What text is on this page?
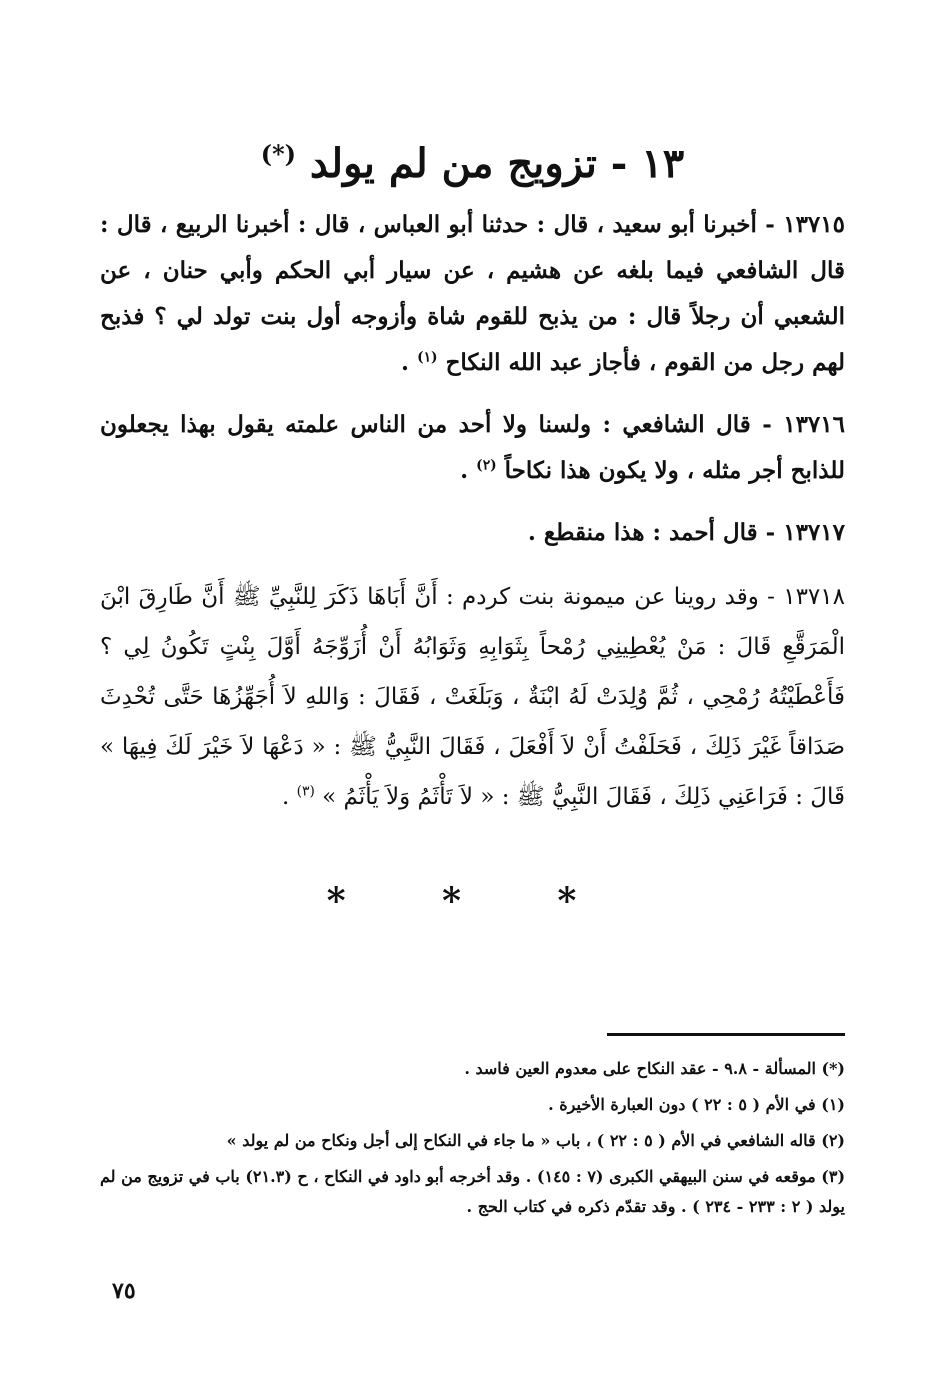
١٣ - تزويج من لم يولد (*)

١٣٧١٥ - أخبرنا أبو سعيد ، قال : حدثنا أبو العباس ، قال : أخبرنا الربيع ، قال : قال الشافعي فيما بلغه عن هشيم ، عن سيار أبي الحكم وأبي حنان ، عن الشعبي أن رجلاً قال : من يذبح للقوم شاة وأزوجه أول بنت تولد لي ؟ فذبح لهم رجل من القوم ، فأجاز عبد الله النكاح $^{(١)}$ .

١٣٧١٦ - قال الشافعي : ولسنا ولا أحد من الناس علمته يقول بهذا يجعلون للذابح أجر مثله ، ولا يكون هذا نكاحاً $^{(٢)}$ .

١٣٧١٧ - قال أحمد : هذا منقطع .

١٣٧١٨ - وقد روينا عن ميمونة بنت كردم : أَنَّ أَبَاهَا ذَكَرَ لِلنَّبِيِّ ﷺ أَنَّ طَارِقَ ابْنَ الْمَرَقَّعِ قَالَ : مَنْ يُعْطِينِي رُمْحاً بِثَوَابِهِ وَثَوَابُهُ أَنْ أُزَوِّجَهُ أَوَّلَ بِنْتٍ تَكُونُ لِي ؟ فَأَعْطَيْتُهُ رُمْحِي ، ثُمَّ وُلِدَتْ لَهُ ابْنَةٌ ، وَبَلَغَتْ ، فَقَالَ : وَاللهِ لاَ أُجَهِّزُهَا حَتَّى تُحْدِثَ صَدَاقاً غَيْرَ ذَلِكَ ، فَحَلَفْتُ أَنْ لاَ أَفْعَلَ ، فَقَالَ النَّبِيُّ ﷺ : « دَعْهَا لاَ خَيْرَ لَكَ فِيهَا » قَالَ : فَرَاعَنِي ذَلِكَ ، فَقَالَ النَّبِيُّ ﷺ : « لاَ تَأْثَمُ وَلاَ يَأْثَمُ » $^{(٣)}$ .

* * *

(*) المسألة - ٩.٨ - عقد النكاح على معدوم العين فاسد .

(١) في الأم ( ٥ : ٢٢ ) دون العبارة الأخيرة .

(٢) قاله الشافعي في الأم ( ٥ : ٢٢ ) ، باب « ما جاء في النكاح إلى أجل ونكاح من لم يولد »

(٣) موقعه في سنن البيهقي الكبرى (٧ : ١٤٥) . وقد أخرجه أبو داود في النكاح ، ح (٢١.٣) باب في تزويج من لم يولد ( ٢ : ٢٣٣ - ٢٣٤ ) . وقد تقدّم ذكره في كتاب الحج .

٧٥
